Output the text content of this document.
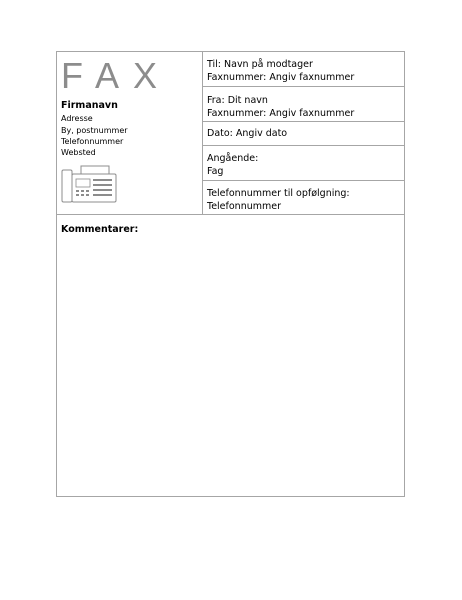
FAX
Firmanavn
Adresse
By, postnummer
Telefonnummer
Websted
Til: Navn på modtager
Faxnummer: Angiv faxnummer
Fra: Dit navn
Faxnummer: Angiv faxnummer
Dato: Angiv dato
Angående:
Fag
Telefonnummer til opfølgning:
Telefonnummer
Kommentarer:
